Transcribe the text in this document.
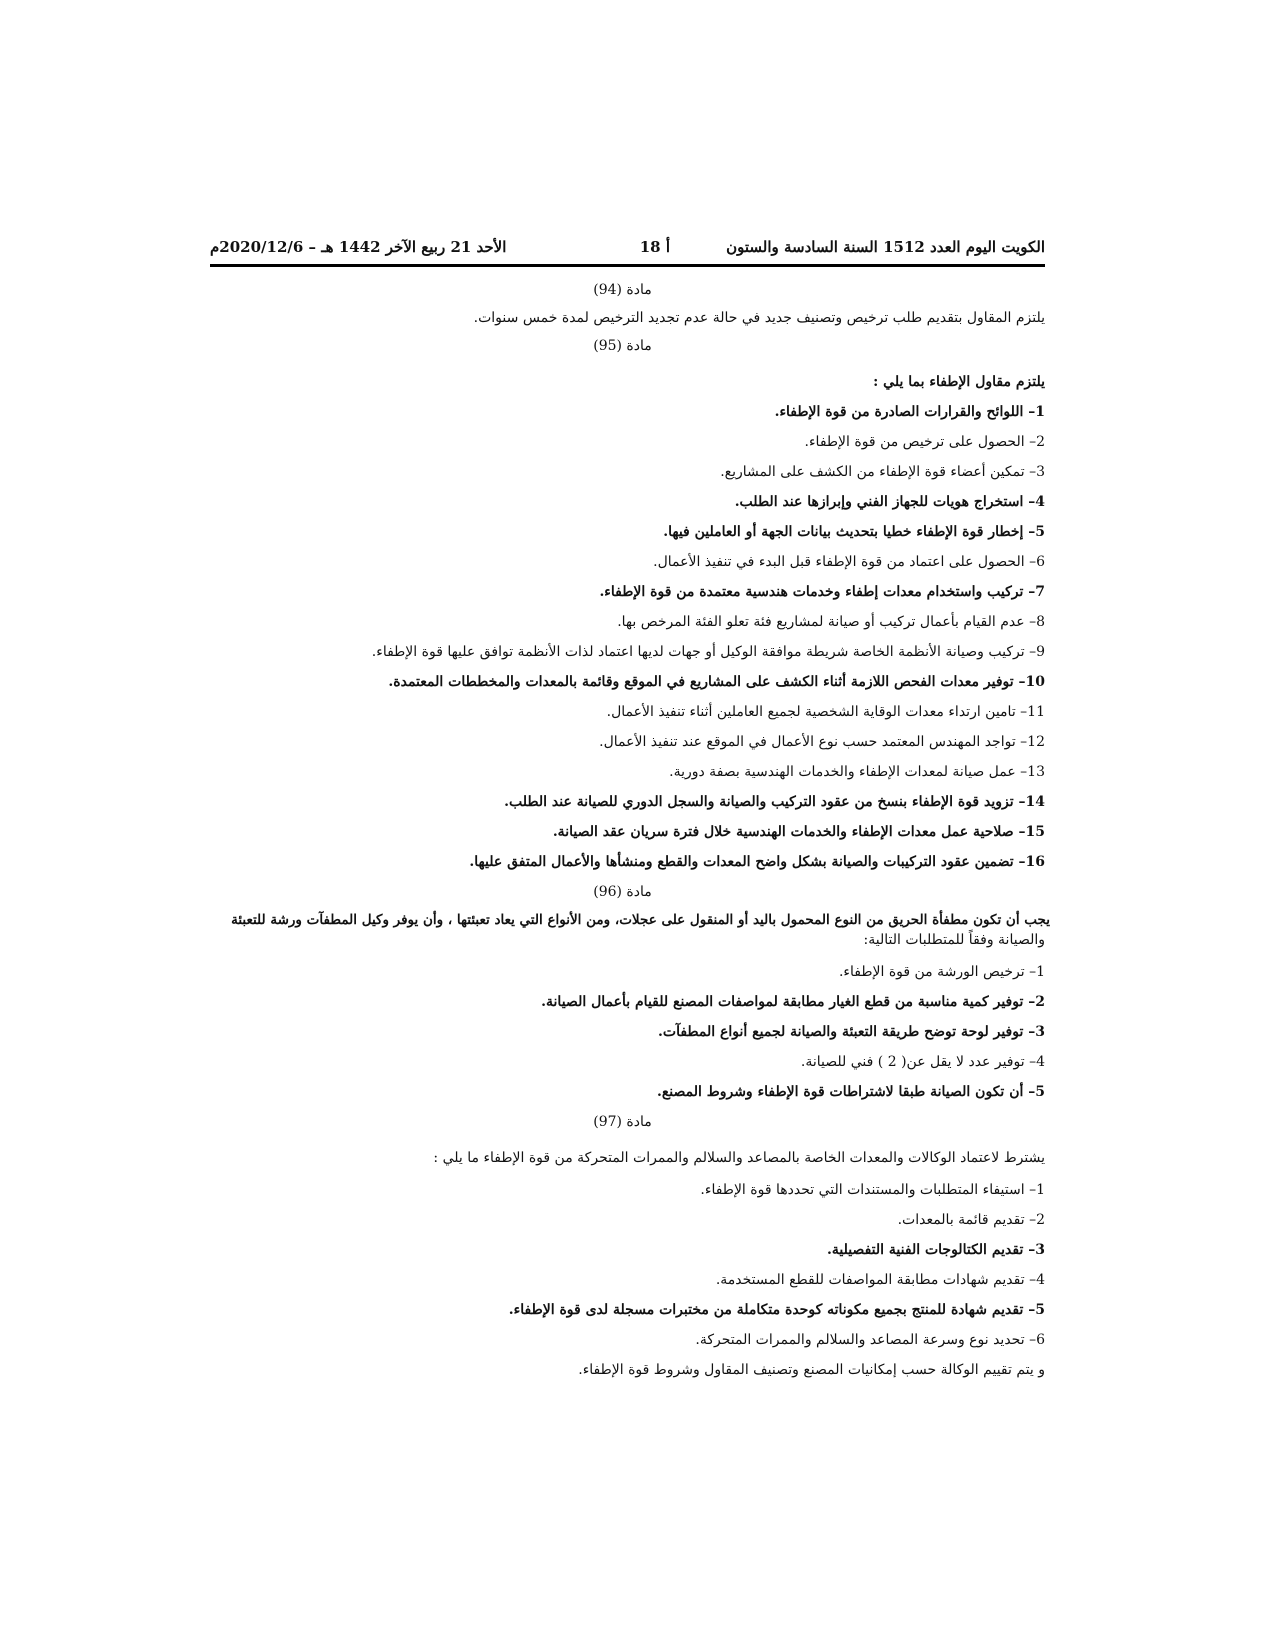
الكويت اليوم العدد 1512 السنة السادسة والستون
أ 18
الأحد 21 ربيع الآخر 1442 هـ – 2020/12/6م
مادة (94)
يلتزم المقاول بتقديم طلب ترخيص وتصنيف جديد في حالة عدم تجديد الترخيص لمدة خمس سنوات.
مادة (95)
يلتزم مقاول الإطفاء بما يلي :
1– اللوائح والقرارات الصادرة من قوة الإطفاء.
2– الحصول على ترخيص من قوة الإطفاء.
3– تمكين أعضاء قوة الإطفاء من الكشف على المشاريع.
4– استخراج هويات للجهاز الفني وإبرازها عند الطلب.
5– إخطار قوة الإطفاء خطيا بتحديث بيانات الجهة أو العاملين فيها.
6– الحصول على اعتماد من قوة الإطفاء قبل البدء في تنفيذ الأعمال.
7– تركيب واستخدام معدات إطفاء وخدمات هندسية معتمدة من قوة الإطفاء.
8– عدم القيام بأعمال تركيب أو صيانة لمشاريع فئة تعلو الفئة المرخص بها.
9– تركيب وصيانة الأنظمة الخاصة شريطة موافقة الوكيل أو جهات لديها اعتماد لذات الأنظمة توافق عليها قوة الإطفاء.
10– توفير معدات الفحص اللازمة أثناء الكشف على المشاريع في الموقع وقائمة بالمعدات والمخططات المعتمدة.
11– تامين ارتداء معدات الوقاية الشخصية لجميع العاملين أثناء تنفيذ الأعمال.
12– تواجد المهندس المعتمد حسب نوع الأعمال في الموقع عند تنفيذ الأعمال.
13– عمل صيانة لمعدات الإطفاء والخدمات الهندسية بصفة دورية.
14– تزويد قوة الإطفاء بنسخ من عقود التركيب والصيانة والسجل الدوري للصيانة عند الطلب.
15– صلاحية عمل معدات الإطفاء والخدمات الهندسية خلال فترة سريان عقد الصيانة.
16– تضمين عقود التركيبات والصيانة بشكل واضح المعدات والقطع ومنشأها والأعمال المتفق عليها.
مادة (96)
يجب أن تكون مطفأة الحريق من النوع المحمول باليد أو المنقول على عجلات، ومن الأنواع التي يعاد تعبئتها ، وأن يوفر وكيل المطفآت ورشة للتعبئة
والصيانة وفقاً للمتطلبات التالية:
1– ترخيص الورشة من قوة الإطفاء.
2– توفير كمية مناسبة من قطع الغيار مطابقة لمواصفات المصنع للقيام بأعمال الصيانة.
3– توفير لوحة توضح طريقة التعبئة والصيانة لجميع أنواع المطفآت.
4– توفير عدد لا يقل عن( 2 ) فني للصيانة.
5– أن تكون الصيانة طبقا لاشتراطات قوة الإطفاء وشروط المصنع.
مادة (97)
يشترط لاعتماد الوكالات والمعدات الخاصة بالمصاعد والسلالم والممرات المتحركة من قوة الإطفاء ما يلي :
1– استيفاء المتطلبات والمستندات التي تحددها قوة الإطفاء.
2– تقديم قائمة بالمعدات.
3– تقديم الكتالوجات الفنية التفصيلية.
4– تقديم شهادات مطابقة المواصفات للقطع المستخدمة.
5– تقديم شهادة للمنتج بجميع مكوناته كوحدة متكاملة من مختبرات مسجلة لدى قوة الإطفاء.
6– تحديد نوع وسرعة المصاعد والسلالم والممرات المتحركة.
و يتم تقييم الوكالة حسب إمكانيات المصنع وتصنيف المقاول وشروط قوة الإطفاء.
